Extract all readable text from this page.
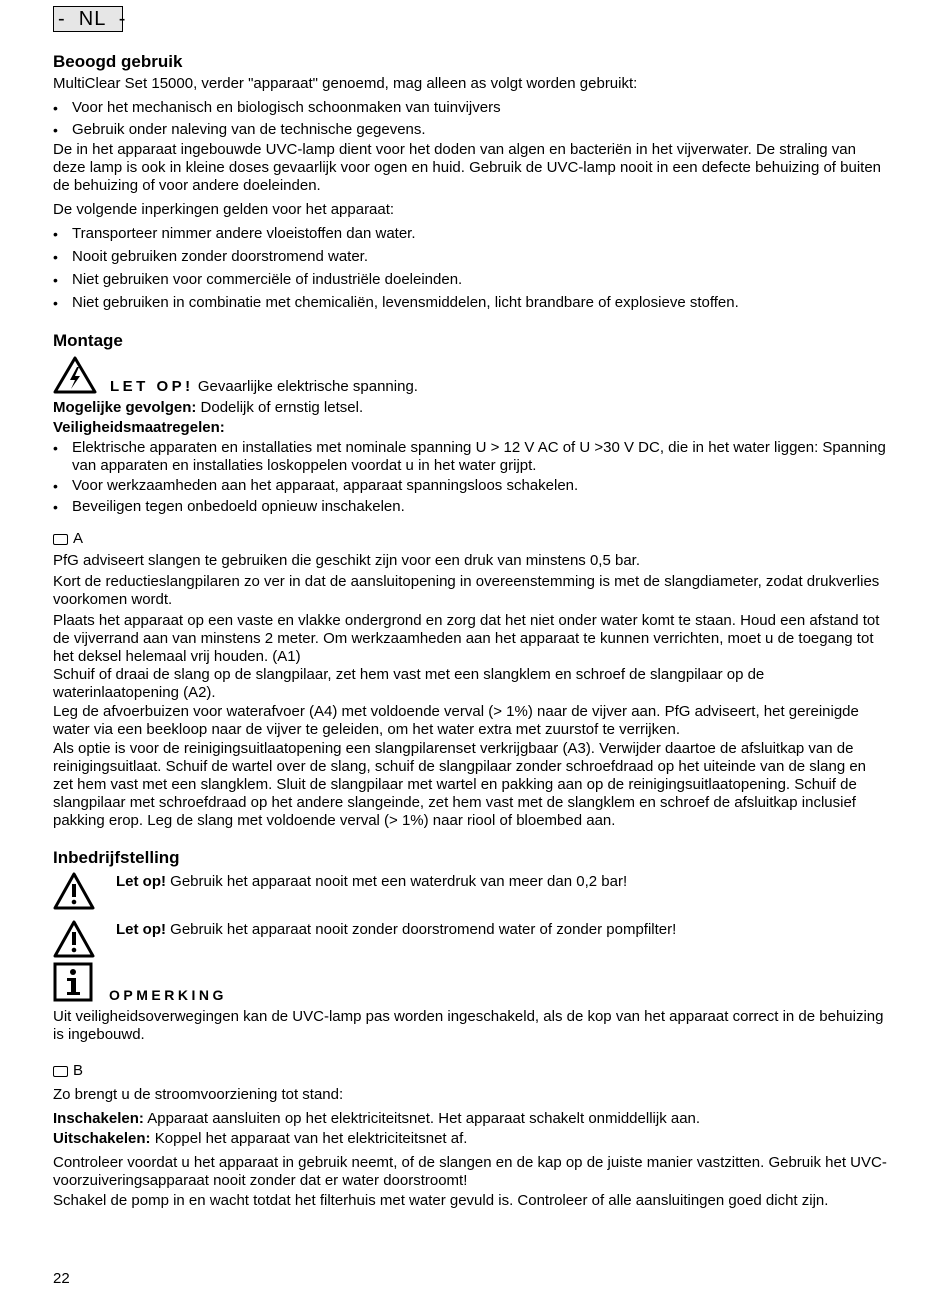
-  NL  -
Beoogd gebruik

MultiClear Set 15000, verder "apparaat" genoemd, mag alleen as volgt worden gebruikt:

• Voor het mechanisch en biologisch schoonmaken van tuinvijvers
• Gebruik onder naleving van de technische gegevens.

De in het apparaat ingebouwde UVC-lamp dient voor het doden van algen en bacteriën in het vijverwater. De straling van deze lamp is ook in kleine doses gevaarlijk voor ogen en huid. Gebruik de UVC-lamp nooit in een defecte behuizing of buiten de behuizing of voor andere doeleinden.

De volgende inperkingen gelden voor het apparaat:

• Transporteer nimmer andere vloeistoffen dan water.
• Nooit gebruiken zonder doorstromend water.
• Niet gebruiken voor commerciële of industriële doeleinden.
• Niet gebruiken in combinatie met chemicaliën, levensmiddelen, licht brandbare of explosieve stoffen.
Montage
LET OP! Gevaarlijke elektrische spanning.

Mogelijke gevolgen: Dodelijk of ernstig letsel.

Veiligheidsmaatregelen:

• Elektrische apparaten en installaties met nominale spanning U > 12 V AC of U >30 V DC, die in het water liggen: Spanning van apparaten en installaties loskoppelen voordat u in het water grijpt.
• Voor werkzaamheden aan het apparaat, apparaat spanningsloos schakelen.
• Beveiligen tegen onbedoeld opnieuw inschakelen.
A

PfG adviseert slangen te gebruiken die geschikt zijn voor een druk van minstens 0,5 bar.

Kort de reductieslangpilaren zo ver in dat de aansluitopening in overeenstemming is met de slangdiameter, zodat drukverlies voorkomen wordt.

Plaats het apparaat op een vaste en vlakke ondergrond en zorg dat het niet onder water komt te staan. Houd een afstand tot de vijverrand aan van minstens 2 meter. Om werkzaamheden aan het apparaat te kunnen verrichten, moet u de toegang tot het deksel helemaal vrij houden. (A1)

Schuif of draai de slang op de slangpilaar, zet hem vast met een slangklem en schroef de slangpilaar op de waterinlaatopening (A2).

Leg de afvoerbuizen voor waterafvoer (A4) met voldoende verval (> 1%) naar de vijver aan. PfG adviseert, het gereinigde water via een beekloop naar de vijver te geleiden, om het water extra met zuurstof te verrijken.

Als optie is voor de reinigingsuitlaatopening een slangpilarenset verkrijgbaar (A3). Verwijder daartoe de afsluitkap van de reinigingsuitlaat. Schuif de wartel over de slang, schuif de slangpilaar zonder schroefdraad op het uiteinde van de slang en zet hem vast met een slangklem. Sluit de slangpilaar met wartel en pakking aan op de reinigingsuitlaatopening. Schuif de slangpilaar met schroefdraad op het andere slangeinde, zet hem vast met de slangklem en schroef de afsluitkap inclusief pakking erop. Leg de slang met voldoende verval (> 1%) naar riool of bloembed aan.

Inbedrijfstelling

Let op! Gebruik het apparaat nooit met een waterdruk van meer dan 0,2 bar!

Let op! Gebruik het apparaat nooit zonder doorstromend water of zonder pompfilter!

OPMERKING

Uit veiligheidsoverwegingen kan de UVC-lamp pas worden ingeschakeld, als de kop van het apparaat correct in de behuizing is ingebouwd.

B

Zo brengt u de stroomvoorziening tot stand:

Inschakelen: Apparaat aansluiten op het elektriciteitsnet. Het apparaat schakelt onmiddellijk aan.

Uitschakelen: Koppel het apparaat van het elektriciteitsnet af.

Controleer voordat u het apparaat in gebruik neemt, of de slangen en de kap op de juiste manier vastzitten. Gebruik het UVC-voorzuiveringsapparaat nooit zonder dat er water doorstroomt!

Schakel de pomp in en wacht totdat het filterhuis met water gevuld is. Controleer of alle aansluitingen goed dicht zijn.

22
